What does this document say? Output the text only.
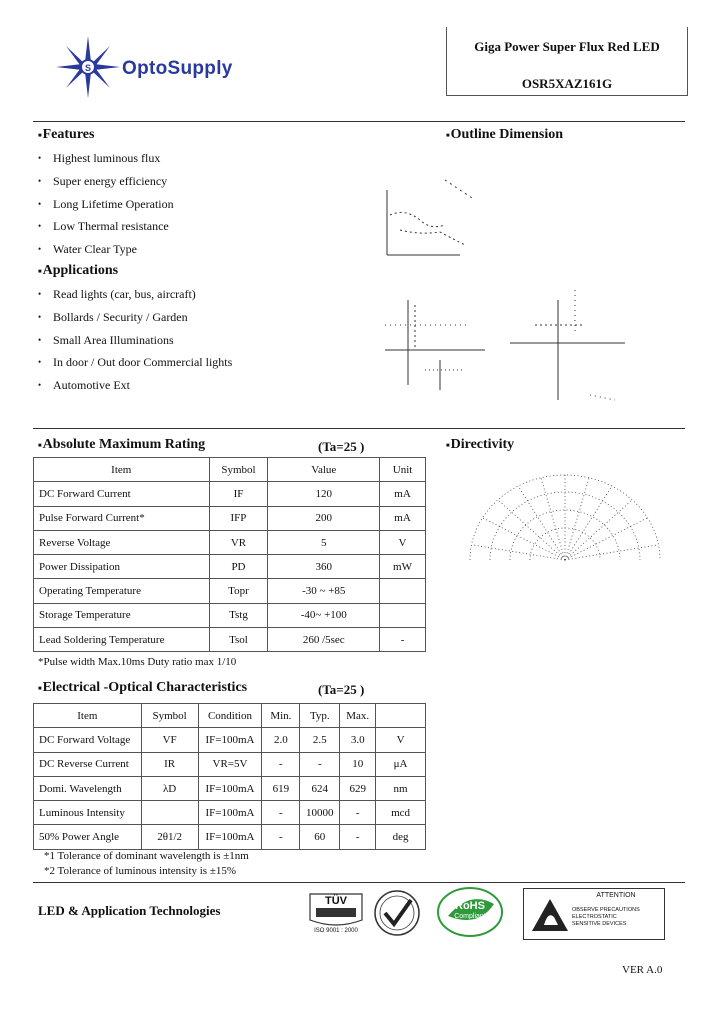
S OptoSupply
Giga Power Super Flux Red LED
OSR5XAZ161G
■ Features
• Highest luminous flux
• Super energy efficiency
• Long Lifetime Operation
• Low Thermal resistance
• Water Clear Type
■ Applications
• Read lights (car, bus, aircraft)
• Bollards / Security / Garden
• Small Area Illuminations
• In door / Out door Commercial lights
• Automotive Ext
■ Outline Dimension
■ Absolute Maximum Rating	(Ta=25 )
Item	Symbol	Value	Unit
DC Forward Current	IF	120	mA
Pulse Forward Current*	IFP	200	mA
Reverse Voltage	VR	5	V
Power Dissipation	PD	360	mW
Operating Temperature	Topr	-30 ~ +85	
Storage Temperature	Tstg	-40~ +100	
Lead Soldering Temperature	Tsol	260 /5sec	-
*Pulse width Max.10ms Duty ratio max 1/10
■ Directivity
■ Electrical -Optical Characteristics	(Ta=25 )
Item	Symbol	Condition	Min.	Typ.	Max.	
DC Forward Voltage	VF	IF=100mA	2.0	2.5	3.0	V
DC Reverse Current	IR	VR=5V	-	-	10	μA
Domi. Wavelength	λD	IF=100mA	619	624	629	nm
Luminous Intensity		IF=100mA	-	10000	-	mcd
50% Power Angle	2θ1/2	IF=100mA	-	60	-	deg
*1 Tolerance of dominant wavelength is ±1nm
*2 Tolerance of luminous intensity is ±15%
LED & Application Technologies
TÜV
ISO 9001 : 2000
RoHS
Compliant
ATTENTION
OBSERVE PRECAUTIONS
ELECTROSTATIC
SENSITIVE DEVICES
VER A.0
